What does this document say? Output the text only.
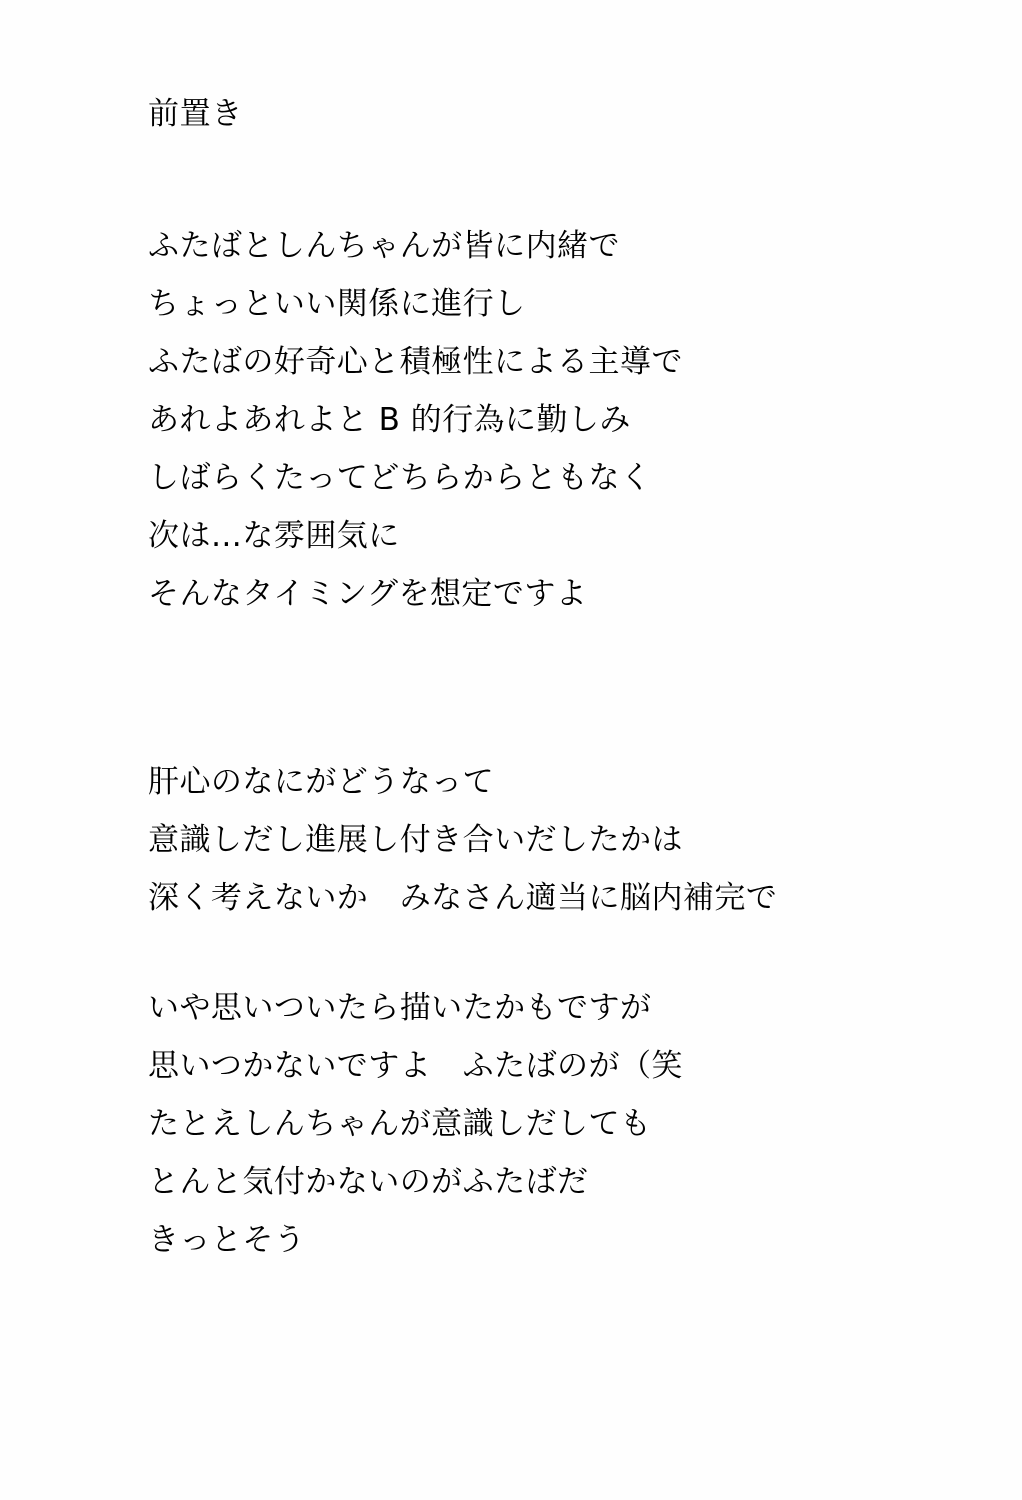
前置き
ふたばとしんちゃんが皆に内緒で
ちょっといい関係に進行し
ふたばの好奇心と積極性による主導で
あれよあれよと B 的行為に勤しみ
しばらくたってどちらからともなく
次は…な雰囲気に
そんなタイミングを想定ですよ
肝心のなにがどうなって
意識しだし進展し付き合いだしたかは
深く考えないか　みなさん適当に脳内補完で
いや思いついたら描いたかもですが
思いつかないですよ　ふたばのが（笑
たとえしんちゃんが意識しだしても
とんと気付かないのがふたばだ
きっとそう
